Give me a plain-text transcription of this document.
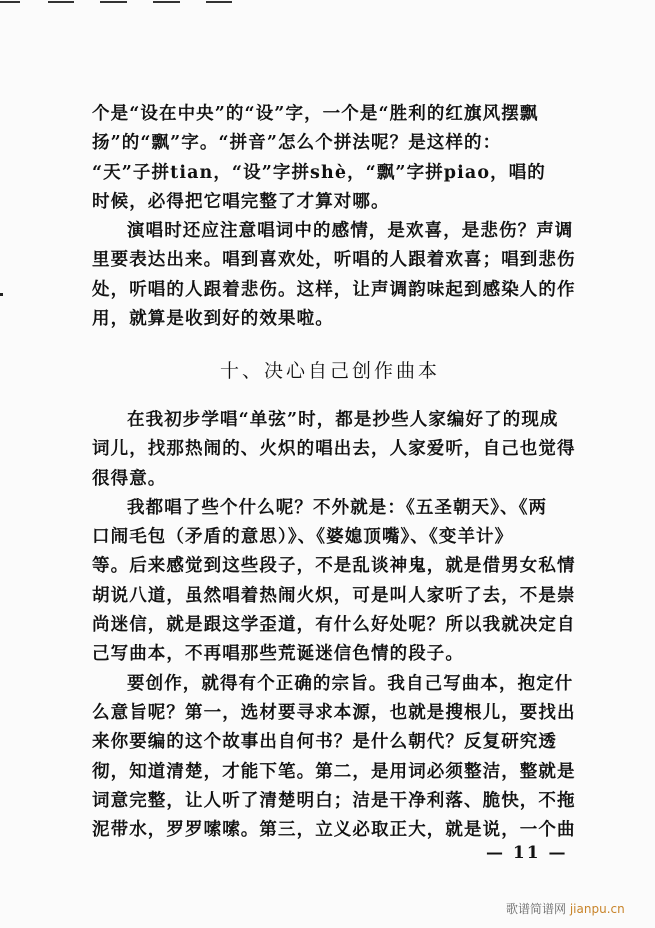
个是“设在中央”的“设”字，一个是“胜利的红旗风摆飘
扬”的“飘”字。“拼音”怎么个拼法呢？是这样的：
“天”子拼tian，“设”字拼shè，“飘”字拼piao，唱的
时候，必得把它唱完整了才算对哪。
演唱时还应注意唱词中的感情，是欢喜，是悲伤？声调
里要表达出来。唱到喜欢处，听唱的人跟着欢喜；唱到悲伤
处，听唱的人跟着悲伤。这样，让声调韵味起到感染人的作
用，就算是收到好的效果啦。
十、决心自己创作曲本
在我初步学唱“单弦”时，都是抄些人家编好了的现成
词儿，找那热闹的、火炽的唱出去，人家爱听，自己也觉得
很得意。
我都唱了些个什么呢？不外就是：《五圣朝天》、《两
口闹毛包（矛盾的意思）》、《婆媳顶嘴》、《变羊计》
等。后来感觉到这些段子，不是乱谈神鬼，就是借男女私情
胡说八道，虽然唱着热闹火炽，可是叫人家听了去，不是崇
尚迷信，就是跟这学歪道，有什么好处呢？所以我就决定自
己写曲本，不再唱那些荒诞迷信色情的段子。
要创作，就得有个正确的宗旨。我自己写曲本，抱定什
么意旨呢？第一，选材要寻求本源，也就是搜根儿，要找出
来你要编的这个故事出自何书？是什么朝代？反复研究透
彻，知道清楚，才能下笔。第二，是用词必须整洁，整就是
词意完整，让人听了清楚明白；洁是干净利落、脆快，不拖
泥带水，罗罗嗦嗦。第三，立义必取正大，就是说，一个曲
— 11 —
歌谱简谱网 jianpu.cn
